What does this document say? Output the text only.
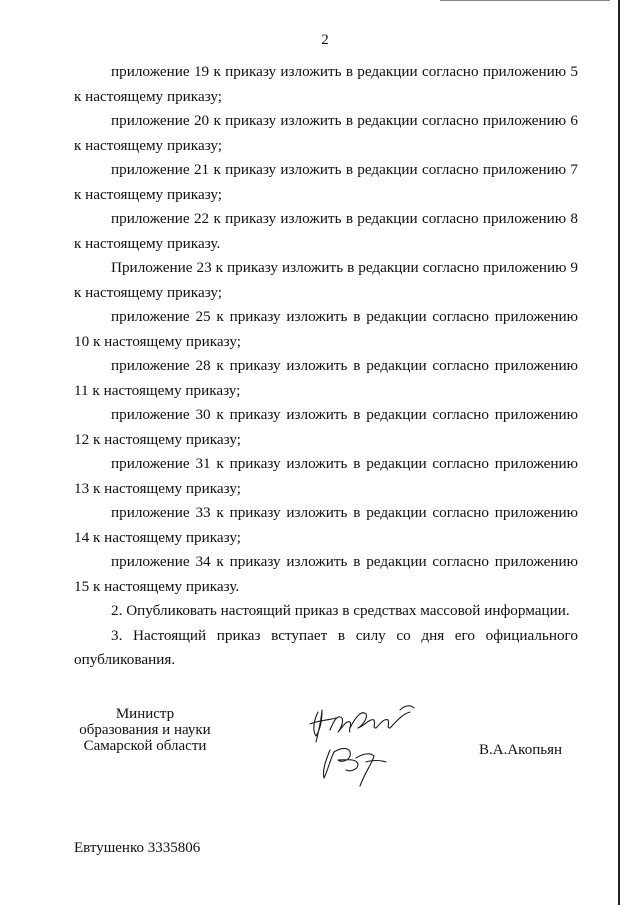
2

приложение 19 к приказу изложить в редакции согласно приложению 5 к настоящему приказу;

приложение 20 к приказу изложить в редакции согласно приложению 6 к настоящему приказу;

приложение 21 к приказу изложить в редакции согласно приложению 7 к настоящему приказу;

приложение 22 к приказу изложить в редакции согласно приложению 8 к настоящему приказу.

Приложение 23 к приказу изложить в редакции согласно приложению 9 к настоящему приказу;

приложение 25 к приказу изложить в редакции согласно приложению 10 к настоящему приказу;

приложение 28 к приказу изложить в редакции согласно приложению 11 к настоящему приказу;

приложение 30 к приказу изложить в редакции согласно приложению 12 к настоящему приказу;

приложение 31 к приказу изложить в редакции согласно приложению 13 к настоящему приказу;

приложение 33 к приказу изложить в редакции согласно приложению 14 к настоящему приказу;

приложение 34 к приказу изложить в редакции согласно приложению 15 к настоящему приказу.

2. Опубликовать настоящий приказ в средствах массовой информации.

3. Настоящий приказ вступает в силу со дня его официального опубликования.

Министр
образования и науки
Самарской области	В.А.Акопьян
Евтушенко 3335806
